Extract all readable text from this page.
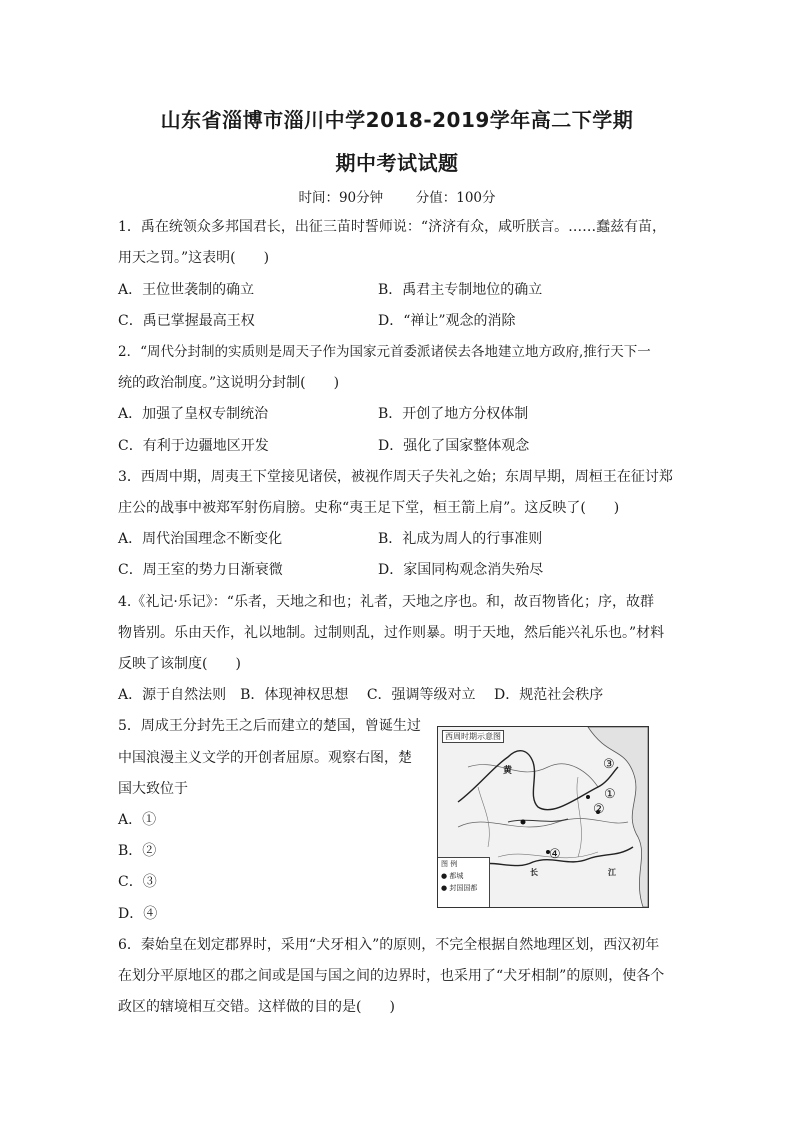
山东省淄博市淄川中学2018-2019学年高二下学期
期中考试试题
时间：90分钟 分值：100分
1．禹在统领众多邦国君长，出征三苗时誓师说：“济济有众，咸听朕言。……蠢兹有苗，
用天之罚。”这表明(　　)
A．王位世袭制的确立	B．禹君主专制地位的确立
C．禹已掌握最高王权	D．“禅让”观念的消除
2．“周代分封制的实质则是周天子作为国家元首委派诸侯去各地建立地方政府,推行天下一
统的政治制度。”这说明分封制(　　)
A．加强了皇权专制统治	B．开创了地方分权体制
C．有利于边疆地区开发	D．强化了国家整体观念
3．西周中期，周夷王下堂接见诸侯，被视作周天子失礼之始；东周早期，周桓王在征讨郑
庄公的战事中被郑军射伤肩膀。史称“夷王足下堂，桓王箭上肩”。这反映了(　　)
A．周代治国理念不断变化	B．礼成为周人的行事准则
C．周王室的势力日渐衰微	D．家国同构观念消失殆尽
4.《礼记·乐记》：“乐者，天地之和也；礼者，天地之序也。和，故百物皆化；序，故群
物皆别。乐由天作，礼以地制。过制则乱，过作则暴。明于天地，然后能兴礼乐也。”材料
反映了该制度(　　)
A．源于自然法则　B．体现神权思想　 C．强调等级对立　 D．规范社会秩序
5．周成王分封先王之后而建立的楚国，曾诞生过
中国浪漫主义文学的开创者屈原。观察右图，楚
国大致位于﻿
A．①
B．②
C．③
D．④
西周时期示意图
黄
长	江
①
②
③
④
图 例
● 都城
● 封国国都
6．秦始皇在划定郡界时，采用“犬牙相入”的原则，不完全根据自然地理区划，西汉初年
在划分平原地区的郡之间或是国与国之间的边界时，也采用了“犬牙相制”的原则，使各个
政区的辖境相互交错。这样做的目的是(　　)
